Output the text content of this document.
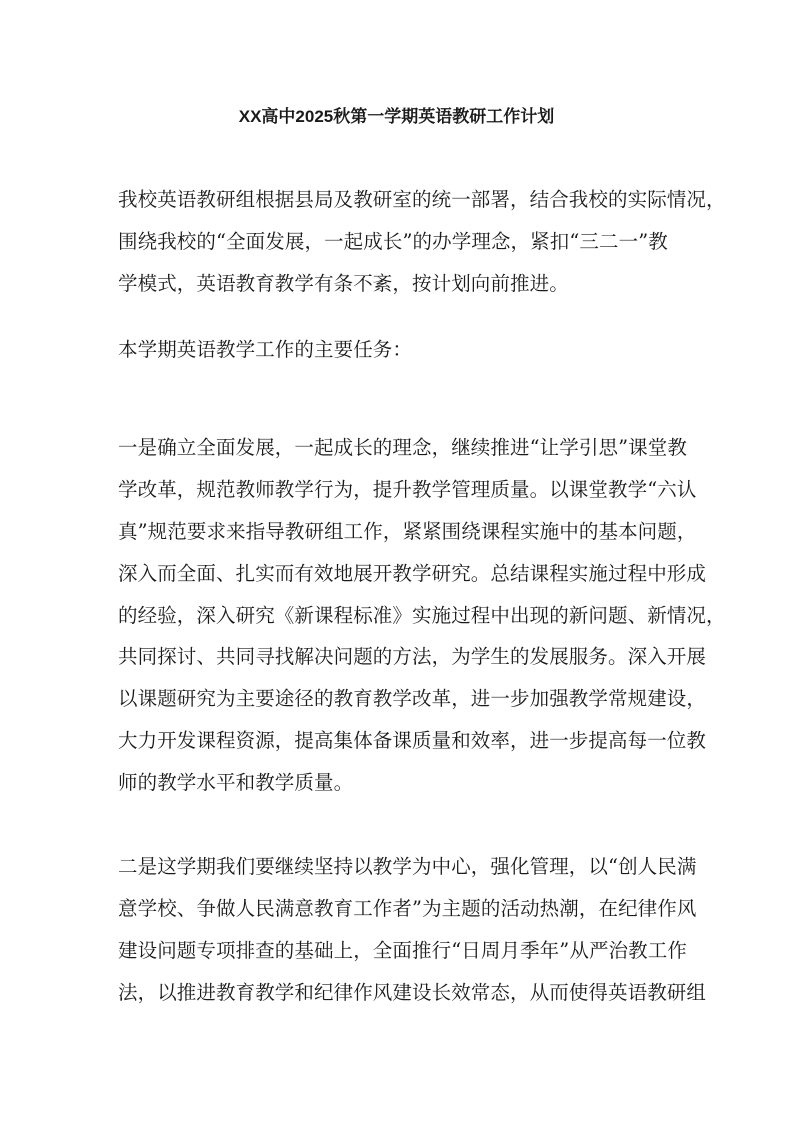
XX高中2025秋第一学期英语教研工作计划
我校英语教研组根据县局及教研室的统一部署，结合我校的实际情况，
围绕我校的“全面发展，一起成长”的办学理念，紧扣“三二一”教
学模式，英语教育教学有条不紊，按计划向前推进。
本学期英语教学工作的主要任务：
一是确立全面发展，一起成长的理念，继续推进“让学引思”课堂教
学改革，规范教师教学行为，提升教学管理质量。以课堂教学“六认
真”规范要求来指导教研组工作，紧紧围绕课程实施中的基本问题，
深入而全面、扎实而有效地展开教学研究。总结课程实施过程中形成
的经验，深入研究《新课程标准》实施过程中出现的新问题、新情况，
共同探讨、共同寻找解决问题的方法，为学生的发展服务。深入开展
以课题研究为主要途径的教育教学改革，进一步加强教学常规建设，
大力开发课程资源，提高集体备课质量和效率，进一步提高每一位教
师的教学水平和教学质量。
二是这学期我们要继续坚持以教学为中心，强化管理，以“创人民满
意学校、争做人民满意教育工作者”为主题的活动热潮，在纪律作风
建设问题专项排查的基础上，全面推行“日周月季年”从严治教工作
法，以推进教育教学和纪律作风建设长效常态，从而使得英语教研组
